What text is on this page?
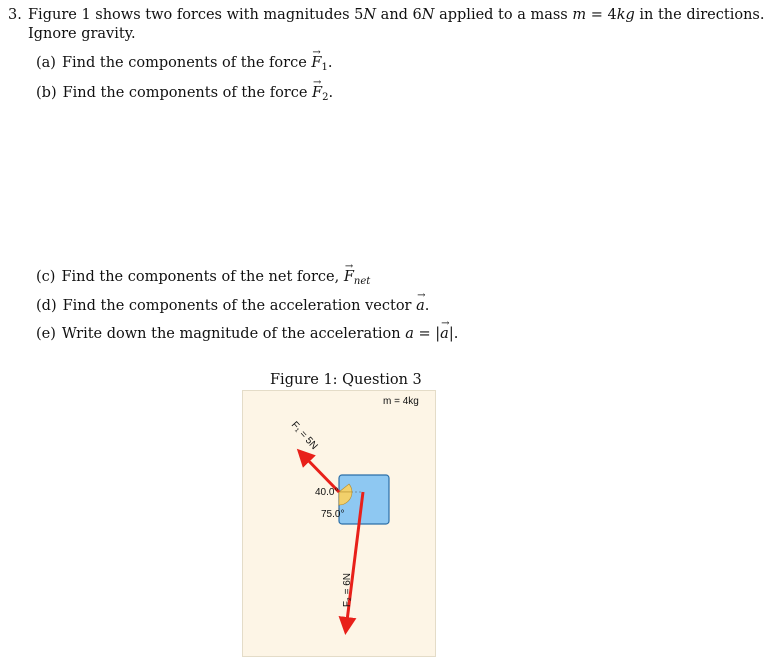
3. Figure 1 shows two forces with magnitudes 5N and 6N applied to a mass m = 4kg in the directions.
Ignore gravity.
(a) Find the components of the force → $F_1$.
(b) Find the components of the force → $F_2$.
(c) Find the components of the net force, → $F_{net}$
(d) Find the components of the acceleration vector → a.
(e) Write down the magnitude of the acceleration a = |→ a|.
Figure 1: Question 3
m = 4kg
F₁ = 5N
F₂ = 6N
40.0°
75.0°
